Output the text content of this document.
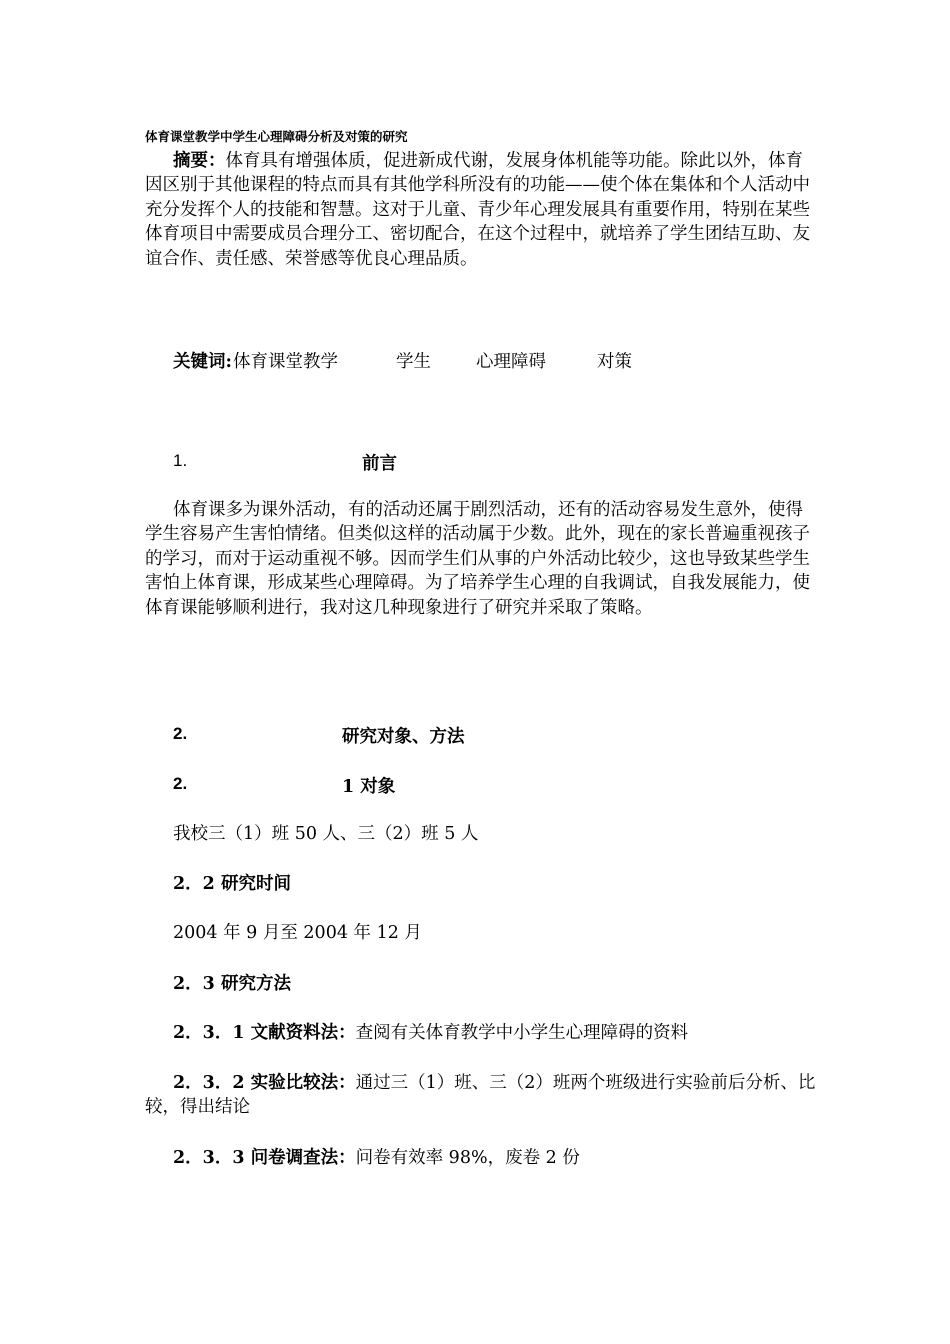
体育课堂教学中学生心理障碍分析及对策的研究
摘要：体育具有增强体质，促进新成代谢，发展身体机能等功能。除此以外，体育因区别于其他课程的特点而具有其他学科所没有的功能——使个体在集体和个人活动中充分发挥个人的技能和智慧。这对于儿童、青少年心理发展具有重要作用，特别在某些体育项目中需要成员合理分工、密切配合，在这个过程中，就培养了学生团结互助、友谊合作、责任感、荣誉感等优良心理品质。
关键词: 体育课堂教学	学生	心理障碍	对策
1.	前言
体育课多为课外活动，有的活动还属于剧烈活动，还有的活动容易发生意外，使得学生容易产生害怕情绪。但类似这样的活动属于少数。此外，现在的家长普遍重视孩子的学习，而对于运动重视不够。因而学生们从事的户外活动比较少，这也导致某些学生害怕上体育课，形成某些心理障碍。为了培养学生心理的自我调试，自我发展能力，使体育课能够顺利进行，我对这几种现象进行了研究并采取了策略。
2.	研究对象、方法
2.	1 对象
我校三（1）班 50 人、三（2）班 5 人
2．2 研究时间
2004 年 9 月至 2004 年 12 月
2．3 研究方法
2．3．1 文献资料法：查阅有关体育教学中小学生心理障碍的资料
2．3．2 实验比较法：通过三（1）班、三（2）班两个班级进行实验前后分析、比较，得出结论
2．3．3 问卷调查法：问卷有效率 98%，废卷 2 份
